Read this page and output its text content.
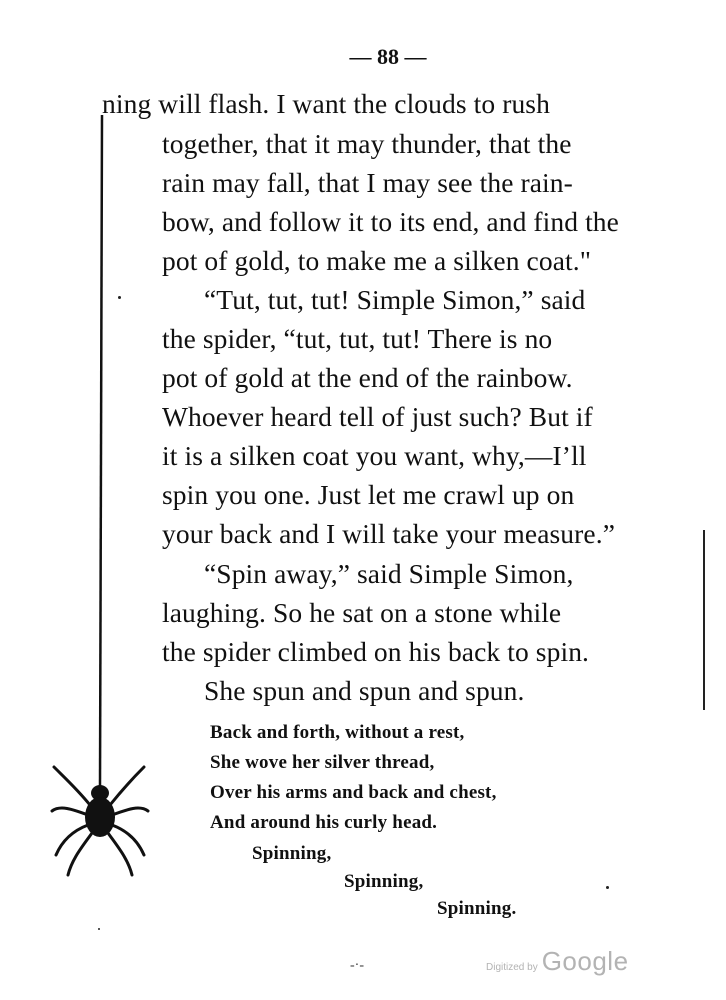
— 88 —
ning will flash. I want the clouds to rush
together, that it may thunder, that the
rain may fall, that I may see the rain-
bow, and follow it to its end, and find the
pot of gold, to make me a silken coat."
“Tut, tut, tut! Simple Simon,” said
the spider, “tut, tut, tut! There is no
pot of gold at the end of the rainbow.
Whoever heard tell of just such? But if
it is a silken coat you want, why,—I’ll
spin you one. Just let me crawl up on
your back and I will take your measure.”
“Spin away,” said Simple Simon,
laughing. So he sat on a stone while
the spider climbed on his back to spin.
She spun and spun and spun.
Back and forth, without a rest,
She wove her silver thread,
Over his arms and back and chest,
And around his curly head.
Spinning,
Spinning,
Spinning.
-·-	Digitized by Google
